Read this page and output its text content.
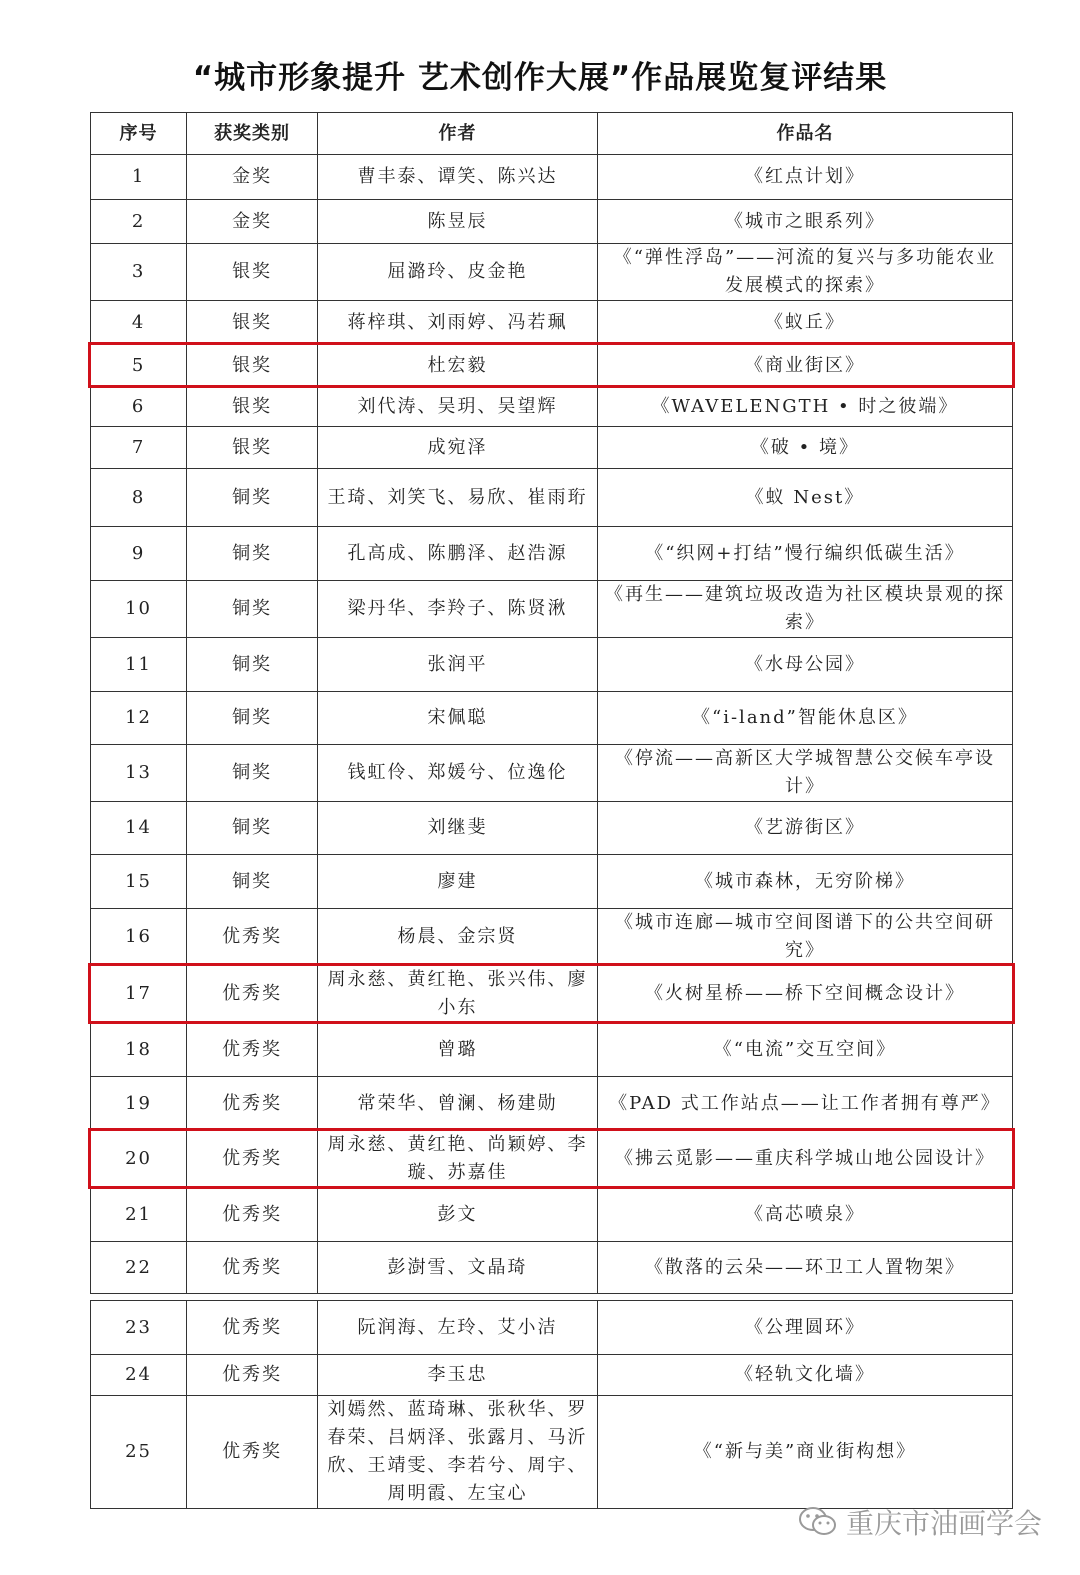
“城市形象提升 艺术创作大展”作品展览复评结果
序号	获奖类别	作者	作品名
1	金奖	曹丰泰、谭笑、陈兴达	《红点计划》
2	金奖	陈昱辰	《城市之眼系列》
3	银奖	屈潞玲、皮金艳	《“弹性浮岛”——河流的复兴与多功能农业发展模式的探索》
4	银奖	蒋梓琪、刘雨婷、冯若珮	《蚁丘》
5	银奖	杜宏毅	《商业街区》
6	银奖	刘代涛、吴玥、吴望辉	《WAVELENGTH • 时之彼端》
7	银奖	成宛泽	《破 • 境》
8	铜奖	王琦、刘笑飞、易欣、崔雨珩	《蚁 Nest》
9	铜奖	孔高成、陈鹏泽、赵浩源	《“织网+打结”慢行编织低碳生活》
10	铜奖	梁丹华、李羚子、陈贤湫	《再生——建筑垃圾改造为社区模块景观的探索》
11	铜奖	张润平	《水母公园》
12	铜奖	宋佩聪	《“i-land”智能休息区》
13	铜奖	钱虹伶、郑媛兮、位逸伦	《停流——高新区大学城智慧公交候车亭设计》
14	铜奖	刘继斐	《艺游街区》
15	铜奖	廖建	《城市森林，无穷阶梯》
16	优秀奖	杨晨、金宗贤	《城市连廊—城市空间图谱下的公共空间研究》
17	优秀奖	周永慈、黄红艳、张兴伟、廖小东	《火树星桥——桥下空间概念设计》
18	优秀奖	曾璐	《“电流”交互空间》
19	优秀奖	常荣华、曾澜、杨建勋	《PAD 式工作站点——让工作者拥有尊严》
20	优秀奖	周永慈、黄红艳、尚颖婷、李璇、苏嘉佳	《拂云觅影——重庆科学城山地公园设计》
21	优秀奖	彭文	《高芯喷泉》
22	优秀奖	彭澍雪、文晶琦	《散落的云朵——环卫工人置物架》
23	优秀奖	阮润海、左玲、艾小洁	《公理圆环》
24	优秀奖	李玉忠	《轻轨文化墙》
25	优秀奖	刘嫣然、蓝琦琳、张秋华、罗春荣、吕炳泽、张露月、马沂欣、王靖雯、李若兮、周宇、周明霞、左宝心	《“新与美”商业街构想》
重庆市油画学会
